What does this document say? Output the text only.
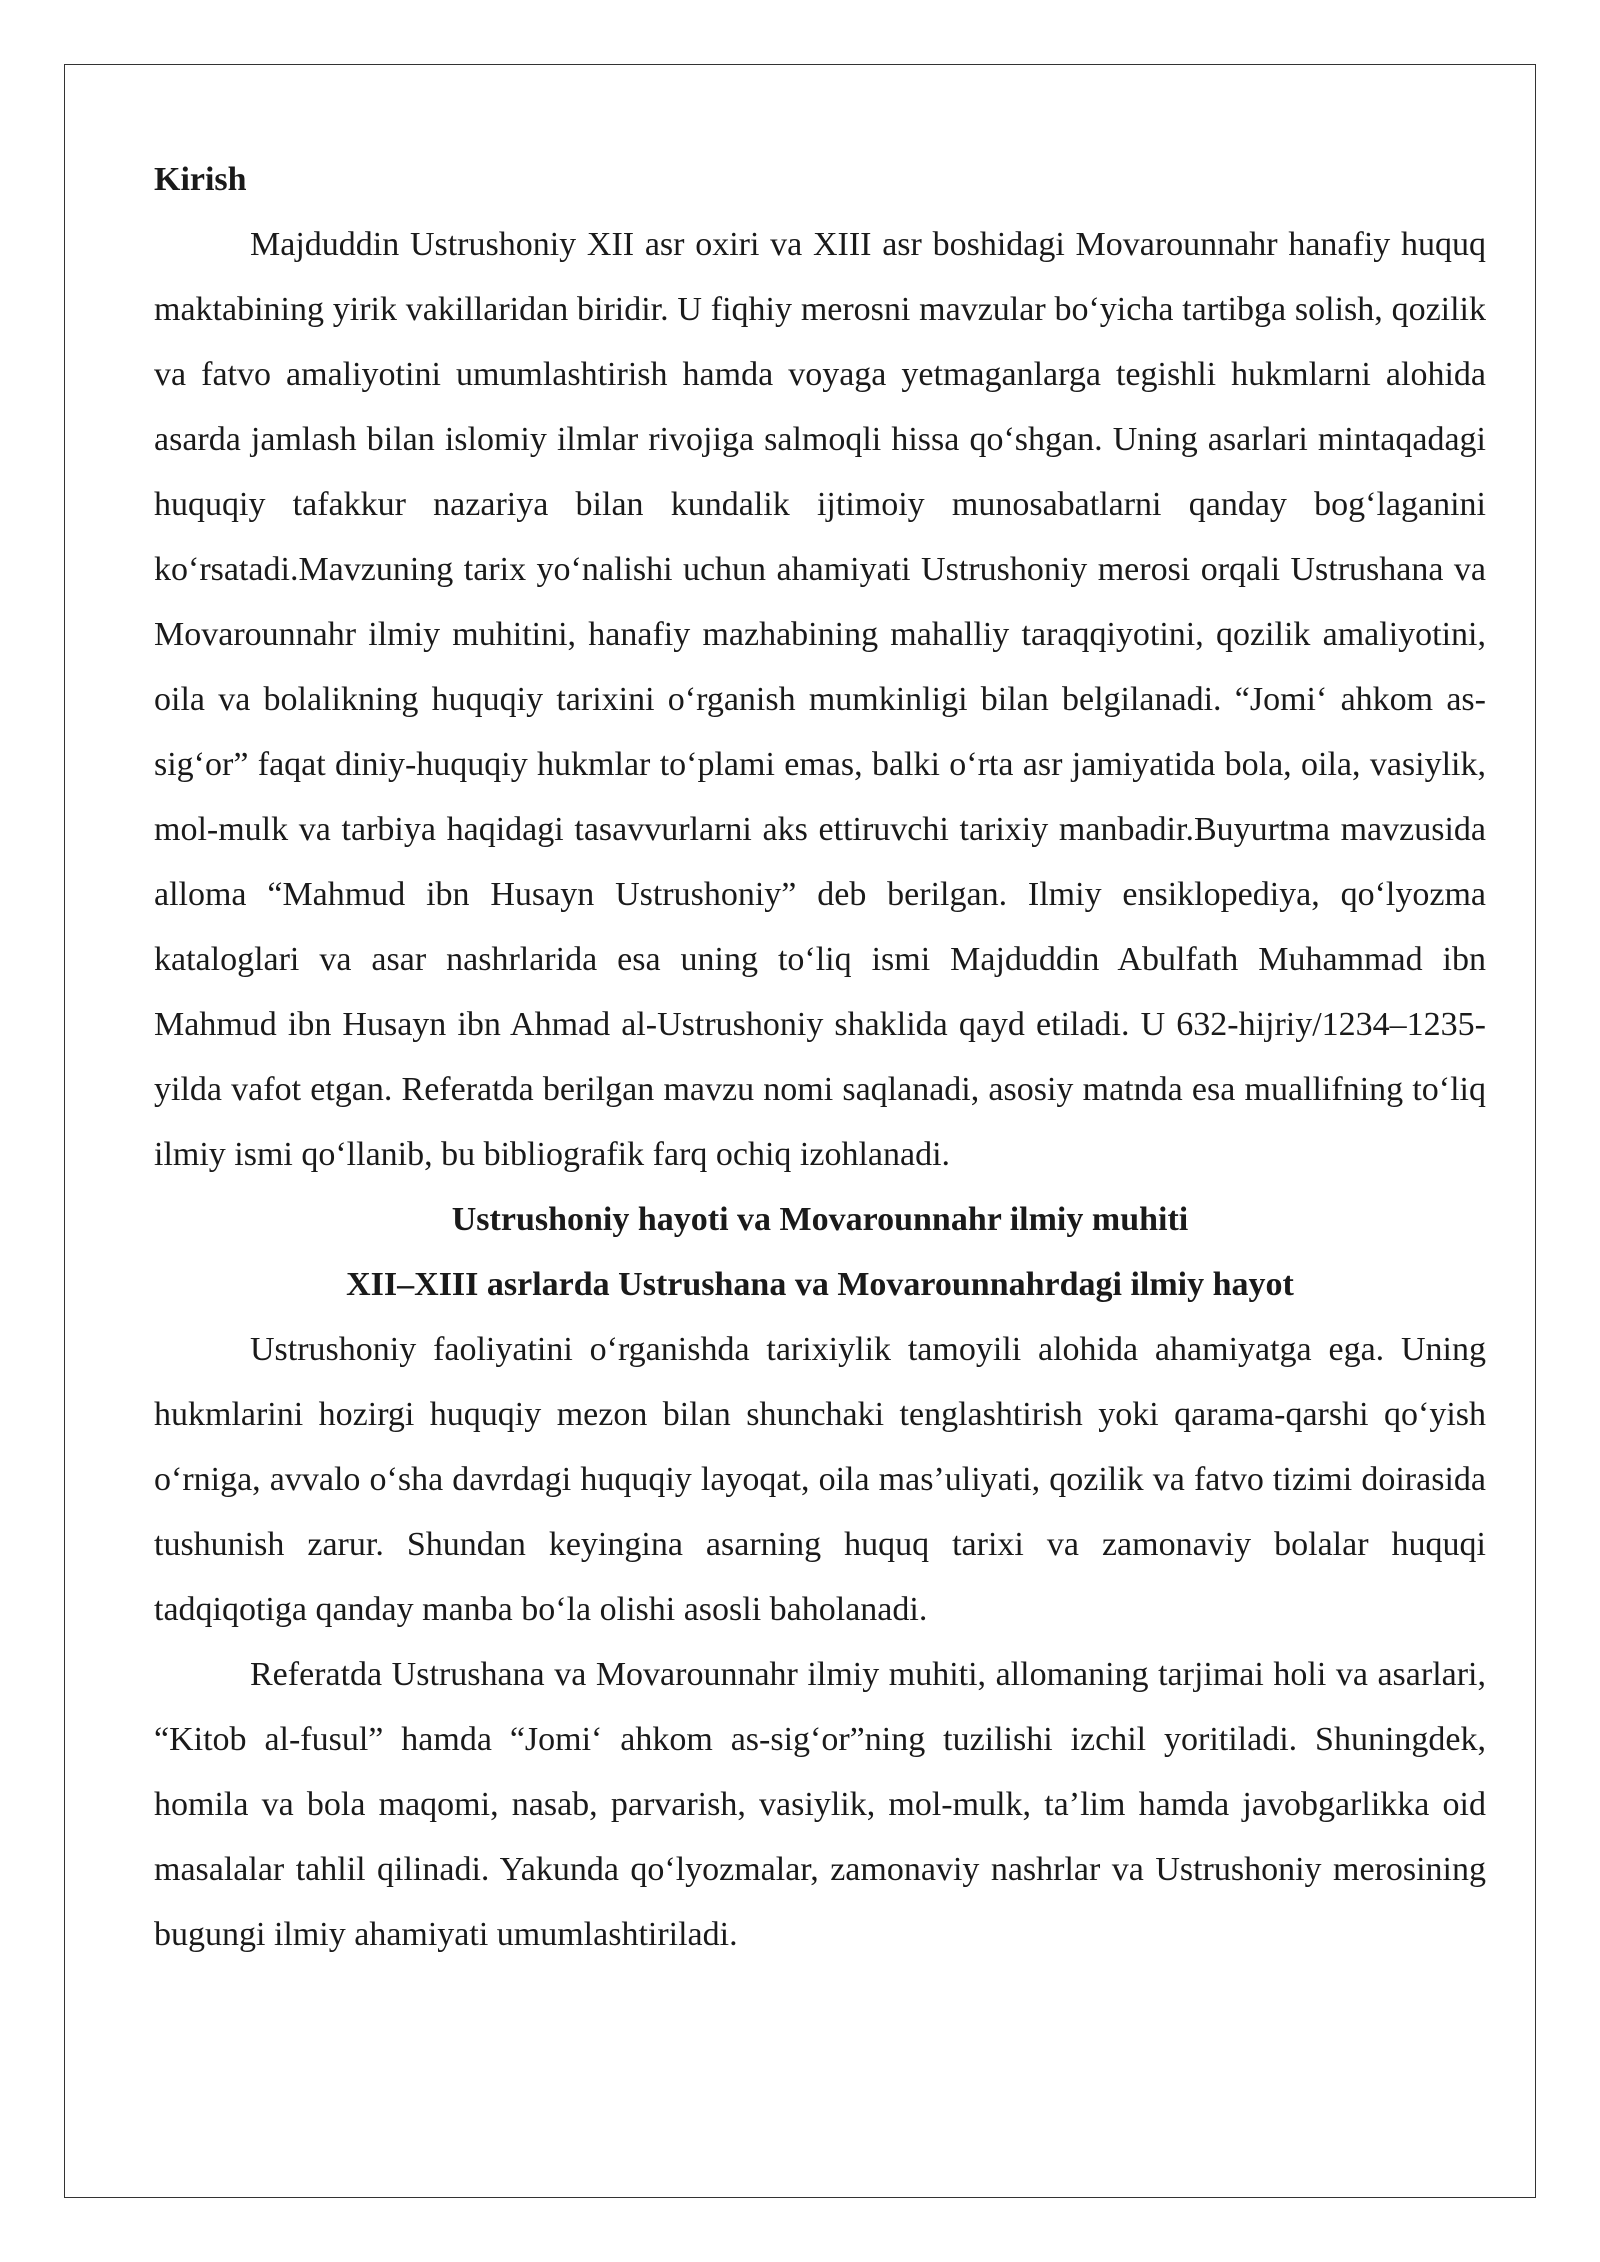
Kirish

Majduddin Ustrushoniy XII asr oxiri va XIII asr boshidagi Movarounnahr hanafiy huquq maktabining yirik vakillaridan biridir. U fiqhiy merosni mavzular bo‘yicha tartibga solish, qozilik va fatvo amaliyotini umumlashtirish hamda voyaga yetmaganlarga tegishli hukmlarni alohida asarda jamlash bilan islomiy ilmlar rivojiga salmoqli hissa qo‘shgan. Uning asarlari mintaqadagi huquqiy tafakkur nazariya bilan kundalik ijtimoiy munosabatlarni qanday bog‘laganini ko‘rsatadi.Mavzuning tarix yo‘nalishi uchun ahamiyati Ustrushoniy merosi orqali Ustrushana va Movarounnahr ilmiy muhitini, hanafiy mazhabining mahalliy taraqqiyotini, qozilik amaliyotini, oila va bolalikning huquqiy tarixini o‘rganish mumkinligi bilan belgilanadi. “Jomi‘ ahkom as-sig‘or” faqat diniy-huquqiy hukmlar to‘plami emas, balki o‘rta asr jamiyatida bola, oila, vasiylik, mol-mulk va tarbiya haqidagi tasavvurlarni aks ettiruvchi tarixiy manbadir.Buyurtma mavzusida alloma “Mahmud ibn Husayn Ustrushoniy” deb berilgan. Ilmiy ensiklopediya, qo‘lyozma kataloglari va asar nashrlarida esa uning to‘liq ismi Majduddin Abulfath Muhammad ibn Mahmud ibn Husayn ibn Ahmad al-Ustrushoniy shaklida qayd etiladi. U 632-hijriy/1234–1235-yilda vafot etgan. Referatda berilgan mavzu nomi saqlanadi, asosiy matnda esa muallifning to‘liq ilmiy ismi qo‘llanib, bu bibliografik farq ochiq izohlanadi.

Ustrushoniy hayoti va Movarounnahr ilmiy muhiti
XII–XIII asrlarda Ustrushana va Movarounnahrdagi ilmiy hayot

Ustrushoniy faoliyatini o‘rganishda tarixiylik tamoyili alohida ahamiyatga ega. Uning hukmlarini hozirgi huquqiy mezon bilan shunchaki tenglashtirish yoki qarama-qarshi qo‘yish o‘rniga, avvalo o‘sha davrdagi huquqiy layoqat, oila mas’uliyati, qozilik va fatvo tizimi doirasida tushunish zarur. Shundan keyingina asarning huquq tarixi va zamonaviy bolalar huquqi tadqiqotiga qanday manba bo‘la olishi asosli baholanadi.

Referatda Ustrushana va Movarounnahr ilmiy muhiti, allomaning tarjimai holi va asarlari, “Kitob al-fusul” hamda “Jomi‘ ahkom as-sig‘or”ning tuzilishi izchil yoritiladi. Shuningdek, homila va bola maqomi, nasab, parvarish, vasiylik, mol-mulk, ta’lim hamda javobgarlikka oid masalalar tahlil qilinadi. Yakunda qo‘lyozmalar, zamonaviy nashrlar va Ustrushoniy merosining bugungi ilmiy ahamiyati umumlashtiriladi.
